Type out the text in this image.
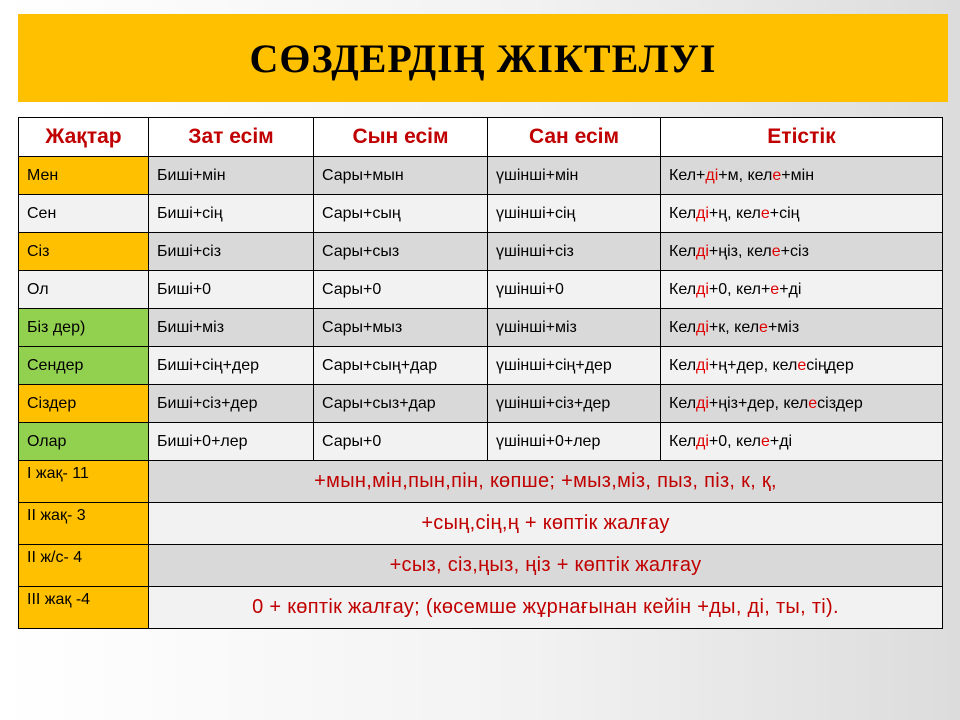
СӨЗДЕРДІҢ ЖІКТЕЛУІ
Жақтар	Зат есім	Сын есім	Сан есім	Етістік
Мен	Биші+мін	Сары+мын	үшінші+мін	Кел+ді+м, келе+мін
Сен	Биші+сің	Сары+сың	үшінші+сің	Келді+ң, келе+сің
Сіз	Биші+сіз	Сары+сыз	үшінші+сіз	Келді+ңіз, келе+сіз
Ол	Биші+0	Сары+0	үшінші+0	Келді+0, кел+е+ді
Біз дер)	Биші+міз	Сары+мыз	үшінші+міз	Келді+к, келе+міз
Сендер	Биші+сің+дер	Сары+сың+дар	үшінші+сің+дер	Келді+ң+дер, келесіңдер
Сіздер	Биші+сіз+дер	Сары+сыз+дар	үшінші+сіз+дер	Келді+ңіз+дер, келесіздер
Олар	Биші+0+лер	Сары+0	үшінші+0+лер	Келді+0, келе+ді
І жақ- 11	+мын,мін,пын,пін, көпше; +мыз,міз, пыз, піз, к, қ,			
ІІ жақ- 3	+сың,сің,ң + көптік жалғау			
ІІ ж/с- 4	+сыз, сіз,ңыз, ңіз + көптік жалғау			
ІІІ жақ -4	0 + көптік жалғау; (көсемше жұрнағынан кейін +ды, ді, ты, ті).			
